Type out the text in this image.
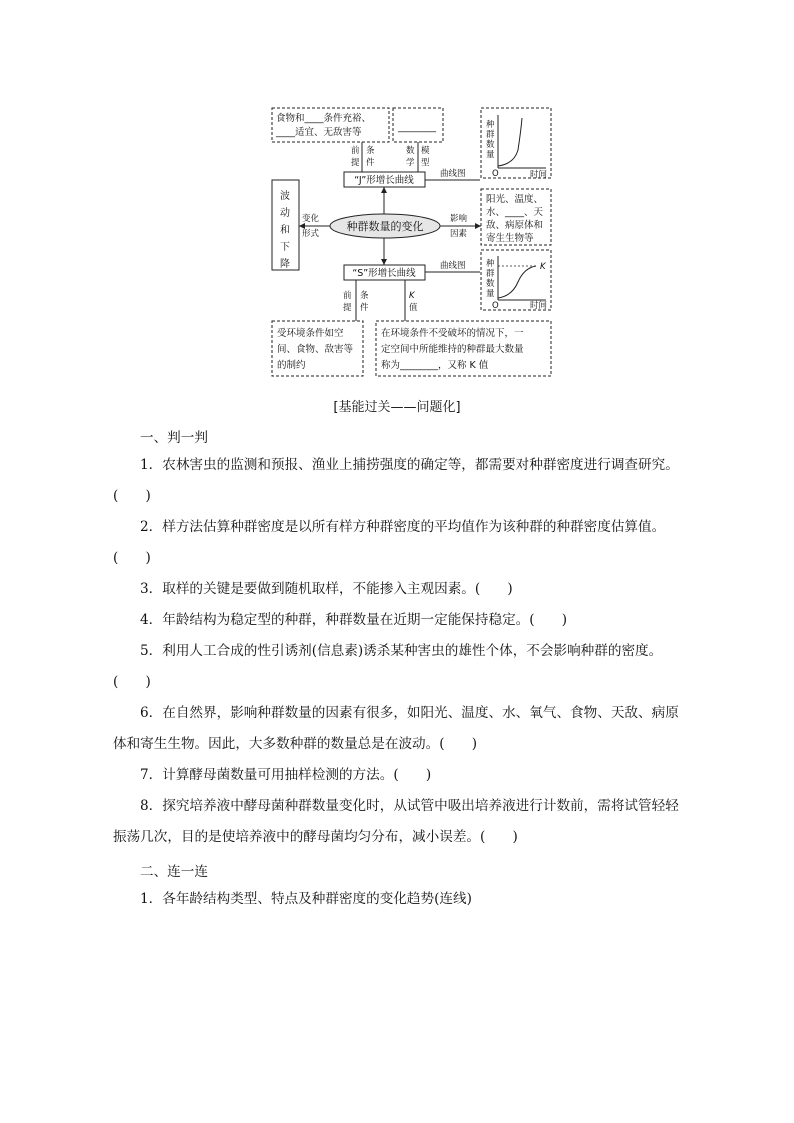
食物和____条件充裕、
____适宜、无敌害等	________
前
提
条
件
数
学
模
型
“J”形增长曲线
曲线图
种
群
数
量
O	时间
波
动
和
下
降
变化
形式
种群数量的变化
影响
因素
阳光、温度、
水、____、天
敌、病原体和
寄生生物等
“S”形增长曲线
曲线图 种
群
数
量
K
O	时间
前
提
条
件
K
值
受环境条件如空
间、食物、敌害等
的制约
在环境条件不受破坏的情况下，一
定空间中所能维持的种群最大数量
称为________，又称 K 值
[基能过关——问题化]
一、判一判
1．农林害虫的监测和预报、渔业上捕捞强度的确定等，都需要对种群密度进行调查研究。
(　　)
2．样方法估算种群密度是以所有样方种群密度的平均值作为该种群的种群密度估算值。
(　　)
3．取样的关键是要做到随机取样，不能掺入主观因素。(　　)
4．年龄结构为稳定型的种群，种群数量在近期一定能保持稳定。(　　)
5．利用人工合成的性引诱剂(信息素)诱杀某种害虫的雄性个体，不会影响种群的密度。
(　　)
6．在自然界，影响种群数量的因素有很多，如阳光、温度、水、氧气、食物、天敌、病原体和寄生生物。因此，大多数种群的数量总是在波动。(　　)
7．计算酵母菌数量可用抽样检测的方法。(　　)
8．探究培养液中酵母菌种群数量变化时，从试管中吸出培养液进行计数前，需将试管轻轻振荡几次，目的是使培养液中的酵母菌均匀分布，减小误差。(　　)
二、连一连
1．各年龄结构类型、特点及种群密度的变化趋势(连线)
